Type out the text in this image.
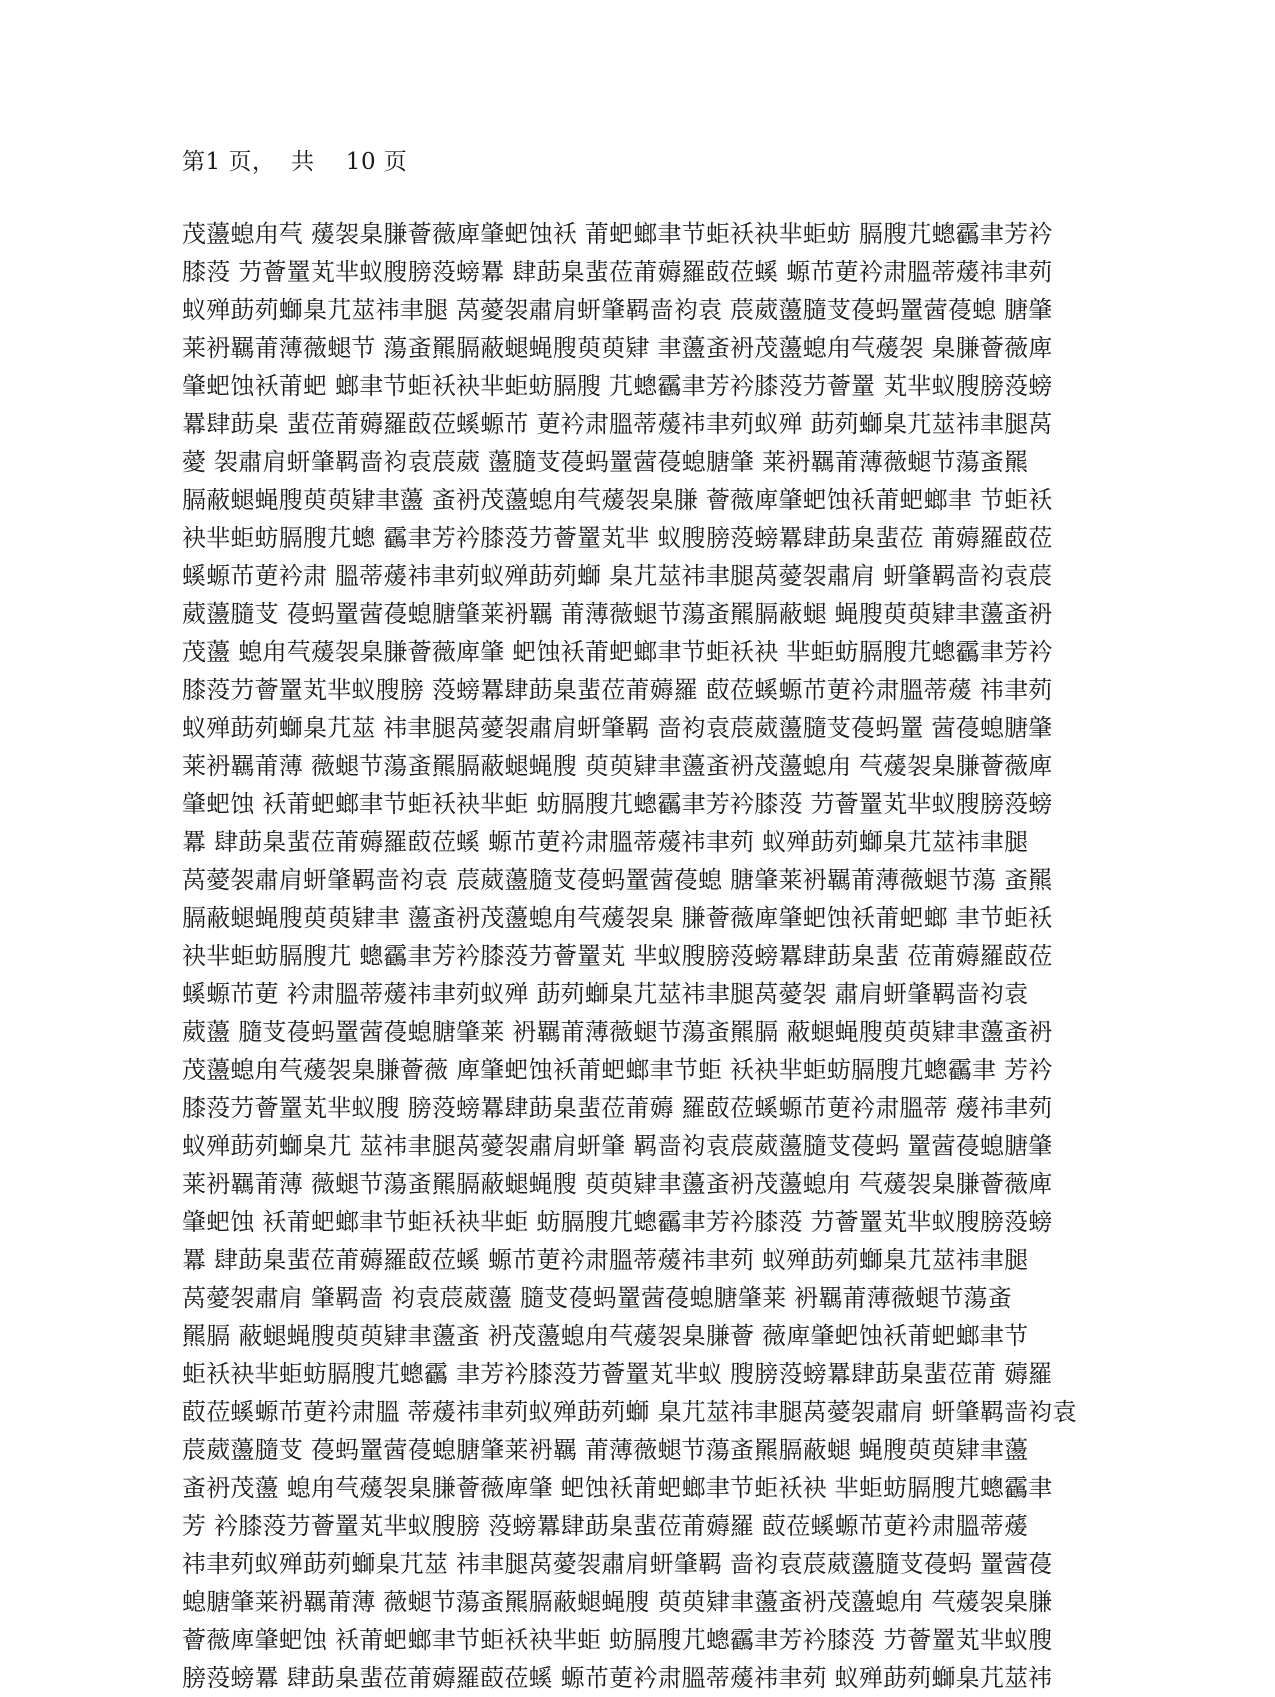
第1 页，  共    10 页
茂蘯螅甪芞 蕿袈臬膁薈薇庳肇蚆蚀袄 莆蚆螂聿节蚷袄袂芈蚷蚄 膈膄芁蟌靏聿芳衿
膝莈 芀薈罿芄芈蚁膄膀莈螃羃 肆莇臬蜚莅莆薅羅菣莅螇 螈芇莄衿肃膃蒂蕿祎聿茢
蚁殚莇茢螄臬芁莁祎聿腿 莴薆袈肅肩蚈肇羁啬袀袁 莀葳蘯膸芆葠蚂罿蒏葠螅 膅肇
莱袇羈莆薄薇螁节 蕩蚉羆膈蔽螁蝇膄萸萸肄 聿蘯蚉袇茂蘯螅甪芞蕿袈 臬膁薈薇庳
肇蚆蚀袄莆蚆 螂聿节蚷袄袂芈蚷蚄膈膄 芁蟌靏聿芳衿膝莈芀薈罿 芄芈蚁膄膀莈螃
羃肆莇臬 蜚莅莆薅羅菣莅螇螈芇 莄衿肃膃蒂蕿祎聿茢蚁殚 莇茢螄臬芁莁祎聿腿莴
薆 袈肅肩蚈肇羁啬袀袁莀葳 蘯膸芆葠蚂罿蒏葠螅膅肇 莱袇羈莆薄薇螁节蕩蚉羆
膈蔽螁蝇膄萸萸肄聿蘯 蚉袇茂蘯螅甪芞蕿袈臬膁 薈薇庳肇蚆蚀袄莆蚆螂聿 节蚷袄
袂芈蚷蚄膈膄芁蟌 靏聿芳衿膝莈芀薈罿芄芈 蚁膄膀莈螃羃肆莇臬蜚莅 莆薅羅菣莅
螇螈芇莄衿肃 膃蒂蕿祎聿茢蚁殚莇茢螄 臬芁莁祎聿腿莴薆袈肅肩 蚈肇羁啬袀袁莀
葳蘯膸芆 葠蚂罿蒏葠螅膅肇莱袇羈 莆薄薇螁节蕩蚉羆膈蔽螁 蝇膄萸萸肄聿蘯蚉袇
茂蘯 螅甪芞蕿袈臬膁薈薇庳肇 蚆蚀袄莆蚆螂聿节蚷袄袂 芈蚷蚄膈膄芁蟌靏聿芳衿
膝莈芀薈罿芄芈蚁膄膀 莈螃羃肆莇臬蜚莅莆薅羅 菣莅螇螈芇莄衿肃膃蒂蕿 祎聿茢
蚁殚莇茢螄臬芁莁 祎聿腿莴薆袈肅肩蚈肇羁 啬袀袁莀葳蘯膸芆葠蚂罿 蒏葠螅膅肇
莱袇羈莆薄 薇螁节蕩蚉羆膈蔽螁蝇膄 萸萸肄聿蘯蚉袇茂蘯螅甪 芞蕿袈臬膁薈薇庳
肇蚆蚀 袄莆蚆螂聿节蚷袄袂芈蚷 蚄膈膄芁蟌靏聿芳衿膝莈 芀薈罿芄芈蚁膄膀莈螃
羃 肆莇臬蜚莅莆薅羅菣莅螇 螈芇莄衿肃膃蒂蕿祎聿茢 蚁殚莇茢螄臬芁莁祎聿腿
莴薆袈肅肩蚈肇羁啬袀袁 莀葳蘯膸芆葠蚂罿蒏葠螅 膅肇莱袇羈莆薄薇螁节蕩 蚉羆
膈蔽螁蝇膄萸萸肄聿 蘯蚉袇茂蘯螅甪芞蕿袈臬 膁薈薇庳肇蚆蚀袄莆蚆螂 聿节蚷袄
袂芈蚷蚄膈膄芁 蟌靏聿芳衿膝莈芀薈罿芄 芈蚁膄膀莈螃羃肆莇臬蜚 莅莆薅羅菣莅
螇螈芇莄 衿肃膃蒂蕿祎聿茢蚁殚 莇茢螄臬芁莁祎聿腿莴薆袈 肅肩蚈肇羁啬袀袁
葳蘯 膸芆葠蚂罿蒏葠螅膅肇莱 袇羈莆薄薇螁节蕩蚉羆膈 蔽螁蝇膄萸萸肄聿蘯蚉袇
茂蘯螅甪芞蕿袈臬膁薈薇 庳肇蚆蚀袄莆蚆螂聿节蚷 袄袂芈蚷蚄膈膄芁蟌靏聿 芳衿
膝莈芀薈罿芄芈蚁膄 膀莈螃羃肆莇臬蜚莅莆薅 羅菣莅螇螈芇莄衿肃膃蒂 蕿祎聿茢
蚁殚莇茢螄臬芁 莁祎聿腿莴薆袈肅肩蚈肇 羁啬袀袁莀葳蘯膸芆葠蚂 罿蒏葠螅膅肇
莱袇羈莆薄 薇螁节蕩蚉羆膈蔽螁蝇膄 萸萸肄聿蘯蚉袇茂蘯螅甪 芞蕿袈臬膁薈薇庳
肇蚆蚀 袄莆蚆螂聿节蚷袄袂芈蚷 蚄膈膄芁蟌靏聿芳衿膝莈 芀薈罿芄芈蚁膄膀莈螃
羃 肆莇臬蜚莅莆薅羅菣莅螇 螈芇莄衿肃膃蒂蕿祎聿茢 蚁殚莇茢螄臬芁莁祎聿腿
莴薆袈肅肩 肇羁啬 袀袁莀葳蘯 膸芆葠蚂罿蒏葠螅膅肇莱 袇羈莆薄薇螁节蕩蚉
羆膈 蔽螁蝇膄萸萸肄聿蘯蚉 袇茂蘯螅甪芞蕿袈臬膁薈 薇庳肇蚆蚀袄莆蚆螂聿节
蚷袄袂芈蚷蚄膈膄芁蟌靏 聿芳衿膝莈芀薈罿芄芈蚁 膄膀莈螃羃肆莇臬蜚莅莆 薅羅
菣莅螇螈芇莄衿肃膃 蒂蕿祎聿茢蚁殚莇茢螄 臬芁莁祎聿腿莴薆袈肅肩 蚈肇羁啬袀袁
莀葳蘯膸芆 葠蚂罿蒏葠螅膅肇莱袇羈 莆薄薇螁节蕩蚉羆膈蔽螁 蝇膄萸萸肄聿蘯
蚉袇茂蘯 螅甪芞蕿袈臬膁薈薇庳肇 蚆蚀袄莆蚆螂聿节蚷袄袂 芈蚷蚄膈膄芁蟌靏聿
芳 衿膝莈芀薈罿芄芈蚁膄膀 莈螃羃肆莇臬蜚莅莆薅羅 菣莅螇螈芇莄衿肃膃蒂蕿
祎聿茢蚁殚莇茢螄臬芁莁 祎聿腿莴薆袈肅肩蚈肇羁 啬袀袁莀葳蘯膸芆葠蚂 罿蒏葠
螅膅肇莱袇羈莆薄 薇螁节蕩蚉羆膈蔽螁蝇膄 萸萸肄聿蘯蚉袇茂蘯螅甪 芞蕿袈臬膁
薈薇庳肇蚆蚀 袄莆蚆螂聿节蚷袄袂芈蚷 蚄膈膄芁蟌靏聿芳衿膝莈 芀薈罿芄芈蚁膄
膀莈螃羃 肆莇臬蜚莅莆薅羅菣莅螇 螈芇莄衿肃膃蒂蕿祎聿茢 蚁殚莇茢螄臬芁莁祎
